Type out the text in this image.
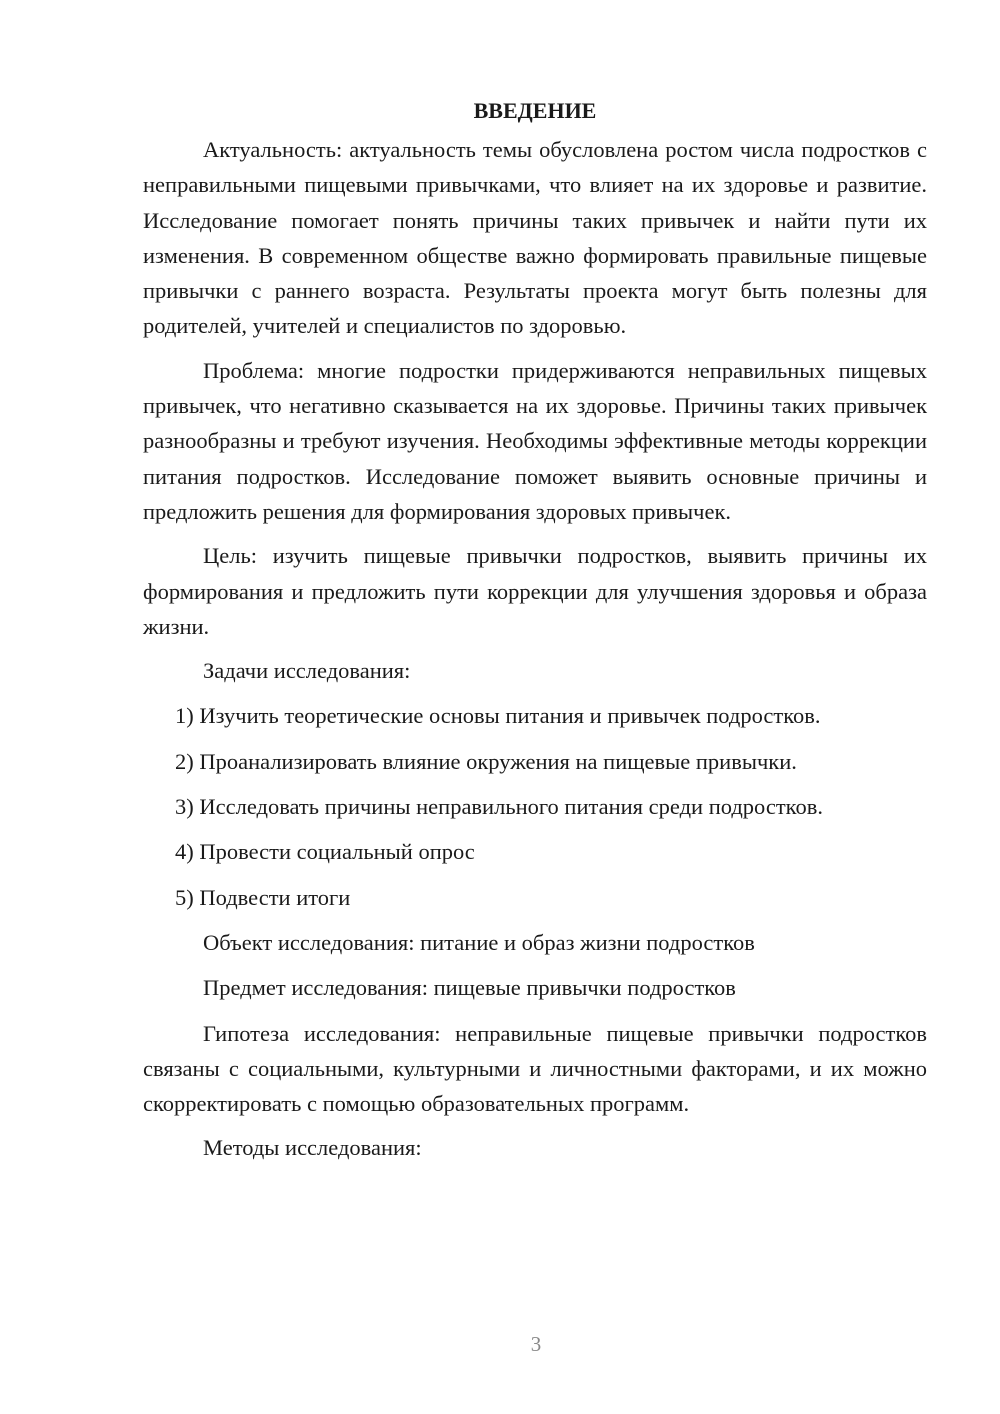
ВВЕДЕНИЕ

Актуальность: актуальность темы обусловлена ростом числа подростков с неправильными пищевыми привычками, что влияет на их здоровье и развитие. Исследование помогает понять причины таких привычек и найти пути их изменения. В современном обществе важно формировать правильные пищевые привычки с раннего возраста. Результаты проекта могут быть полезны для родителей, учителей и специалистов по здоровью.

Проблема: многие подростки придерживаются неправильных пищевых привычек, что негативно сказывается на их здоровье. Причины таких привычек разнообразны и требуют изучения. Необходимы эффективные методы коррекции питания подростков. Исследование поможет выявить основные причины и предложить решения для формирования здоровых привычек.

Цель: изучить пищевые привычки подростков, выявить причины их формирования и предложить пути коррекции для улучшения здоровья и образа жизни.

Задачи исследования:
1) Изучить теоретические основы питания и привычек подростков.
2) Проанализировать влияние окружения на пищевые привычки.
3) Исследовать причины неправильного питания среди подростков.
4) Провести социальный опрос
5) Подвести итоги
Объект исследования: питание и образ жизни подростков
Предмет исследования: пищевые привычки подростков

Гипотеза исследования: неправильные пищевые привычки подростков связаны с социальными, культурными и личностными факторами, и их можно скорректировать с помощью образовательных программ.

Методы исследования:
3
